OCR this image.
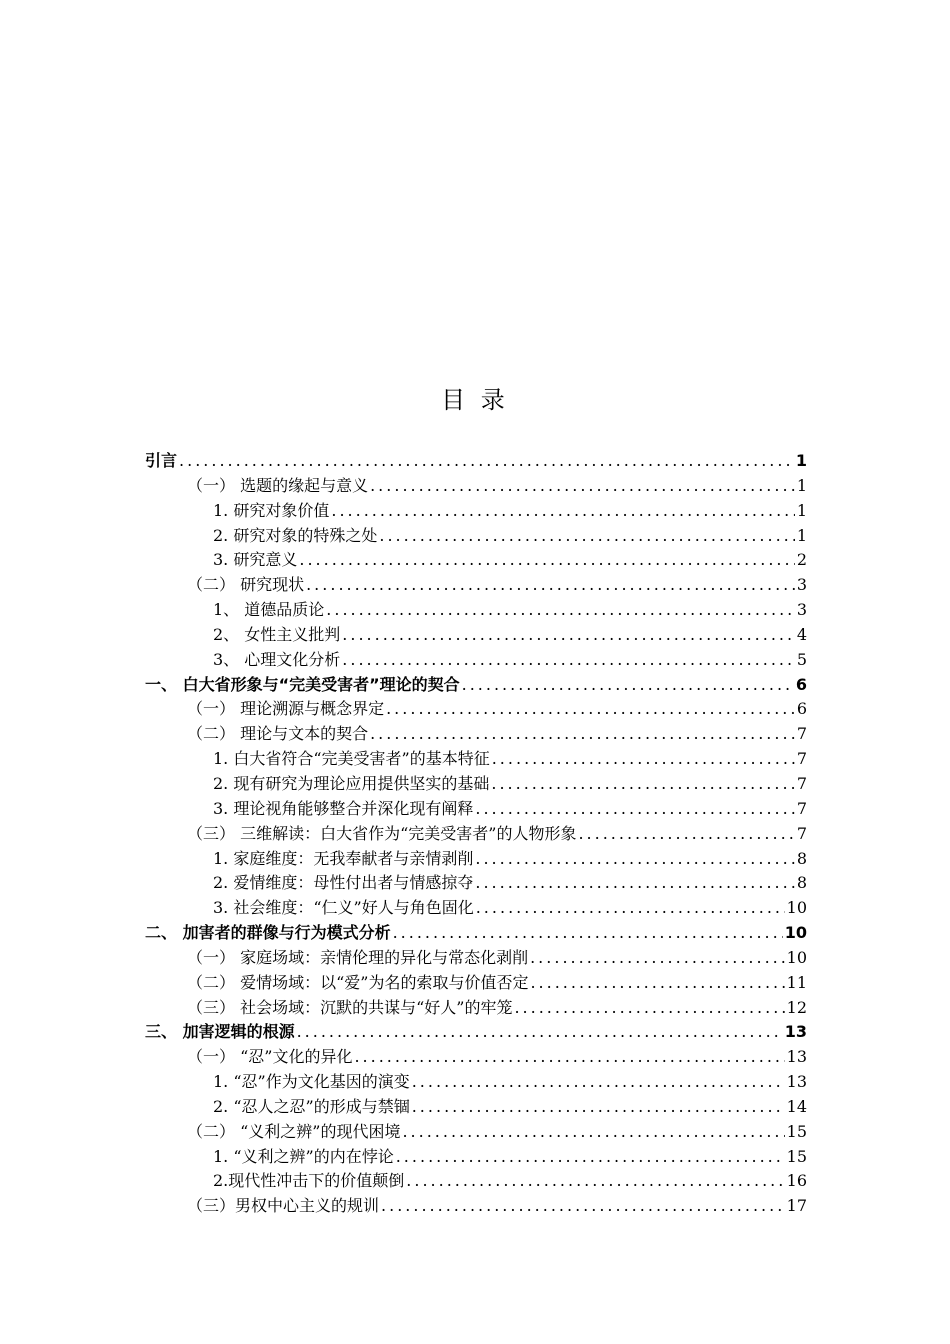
目 录
引言 .....	1
（一） 选题的缘起与意义 .....	1
1. 研究对象价值 .....	1
2. 研究对象的特殊之处 .....	1
3. 研究意义 .....	2
（二） 研究现状 .....	3
1、 道德品质论 .....	3
2、 女性主义批判 .....	4
3、 心理文化分析 .....	5
一、 白大省形象与“完美受害者”理论的契合 .....	6
（一） 理论溯源与概念界定 .....	6
（二） 理论与文本的契合 .....	7
1. 白大省符合“完美受害者”的基本特征 .....	7
2. 现有研究为理论应用提供坚实的基础 .....	7
3. 理论视角能够整合并深化现有阐释 .....	7
（三） 三维解读：白大省作为“完美受害者”的人物形象 .....	7
1. 家庭维度：无我奉献者与亲情剥削 .....	8
2. 爱情维度：母性付出者与情感掠夺 .....	8
3. 社会维度：“仁义”好人与角色固化 .....	10
二、 加害者的群像与行为模式分析 .....	10
（一） 家庭场域：亲情伦理的异化与常态化剥削 .....	10
（二） 爱情场域：以“爱”为名的索取与价值否定 .....	11
（三） 社会场域：沉默的共谋与“好人”的牢笼 .....	12
三、 加害逻辑的根源 .....	13
（一） “忍”文化的异化 .....	13
1. “忍”作为文化基因的演变 .....	13
2. “忍人之忍”的形成与禁锢 .....	14
（二） “义利之辨”的现代困境 .....	15
1. “义利之辨”的内在悖论 .....	15
2.现代性冲击下的价值颠倒 .....	16
（三）男权中心主义的规训 .....	17
